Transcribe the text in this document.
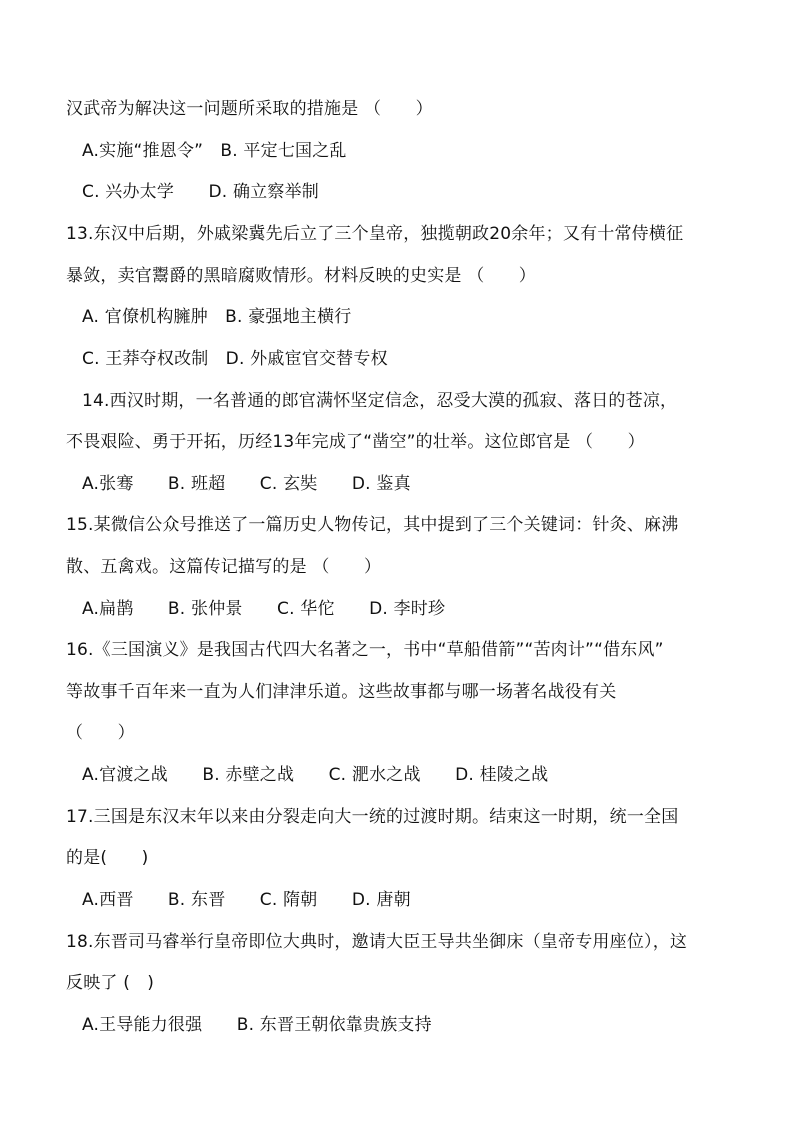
汉武帝为解决这一问题所采取的措施是 （　　）
A.实施“推恩令”　B. 平定七国之乱
C. 兴办太学　　D. 确立察举制
13.东汉中后期，外戚梁冀先后立了三个皇帝，独揽朝政20余年；又有十常侍横征
暴敛，卖官鬻爵的黑暗腐败情形。材料反映的史实是 （　　）
A. 官僚机构臃肿　B. 豪强地主横行
C. 王莽夺权改制　D. 外戚宦官交替专权
14.西汉时期，一名普通的郎官满怀坚定信念，忍受大漠的孤寂、落日的苍凉，
不畏艰险、勇于开拓，历经13年完成了“凿空”的壮举。这位郎官是 （　　）
A.张骞　　B. 班超　　C. 玄奘　　D. 鉴真
15.某微信公众号推送了一篇历史人物传记，其中提到了三个关键词：针灸、麻沸
散、五禽戏。这篇传记描写的是 （　　）
A.扁鹊　　B. 张仲景　　C. 华佗　　D. 李时珍
16.《三国演义》是我国古代四大名著之一，书中“草船借箭”“苦肉计”“借东风”
等故事千百年来一直为人们津津乐道。这些故事都与哪一场著名战役有关
（　　）
A.官渡之战　　B. 赤壁之战　　C. 淝水之战　　D. 桂陵之战
17.三国是东汉末年以来由分裂走向大一统的过渡时期。结束这一时期，统一全国
的是(　　)
A.西晋　　B. 东晋　　C. 隋朝　　D. 唐朝
18.东晋司马睿举行皇帝即位大典时，邀请大臣王导共坐御床（皇帝专用座位），这
反映了 (　)
A.王导能力很强　　B. 东晋王朝依靠贵族支持
